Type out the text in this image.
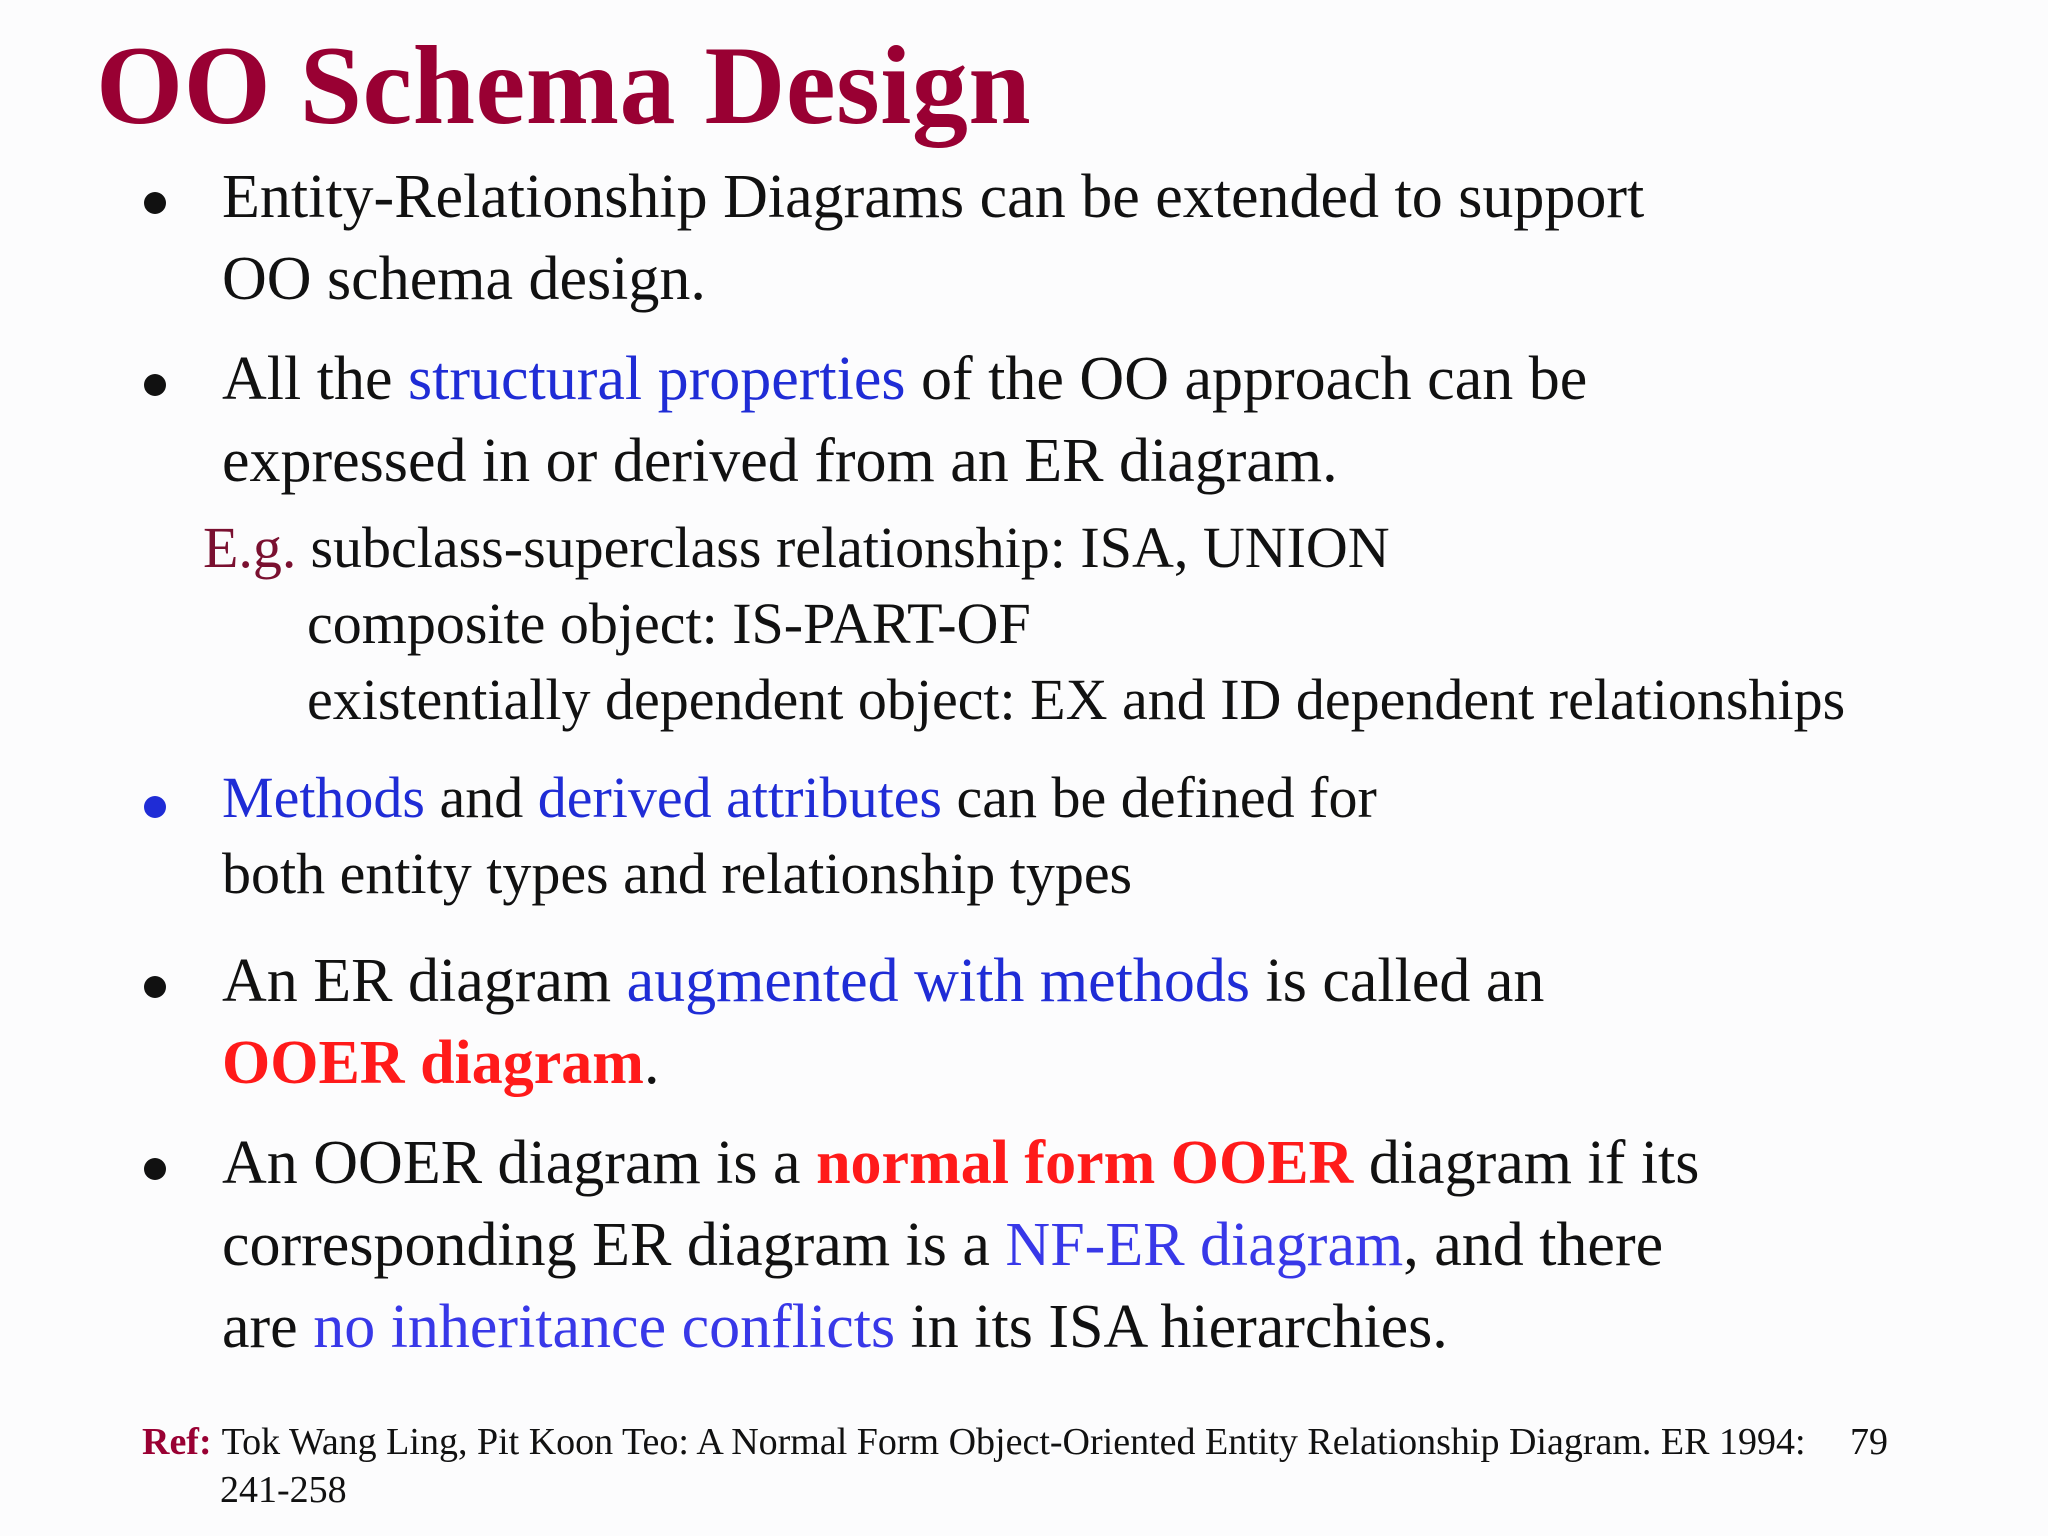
OO Schema Design
Entity-Relationship Diagrams can be extended to support
OO schema design.
All the structural properties of the OO approach can be
expressed in or derived from an ER diagram.
E.g. subclass-superclass relationship: ISA, UNION
composite object: IS-PART-OF
existentially dependent object: EX and ID dependent relationships
Methods and derived attributes can be defined for
both entity types and relationship types
An ER diagram augmented with methods is called an
OOER diagram.
An OOER diagram is a normal form OOER diagram if its
corresponding ER diagram is a NF-ER diagram, and there
are no inheritance conflicts in its ISA hierarchies.
Ref: Tok Wang Ling, Pit Koon Teo: A Normal Form Object-Oriented Entity Relationship Diagram. ER 1994:
241-258
79
